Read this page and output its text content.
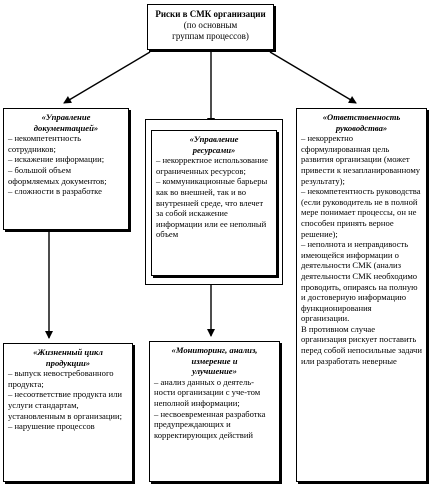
Риски в СМК организации
(по основным
группам процессов)
«Управление
документацией»
– некомпетентность сотрудников;
– искажение информации;
– большой объем оформляемых документов;
– сложности в разработке
«Управление
ресурсами»
– некорректное использование ограниченных ресурсов;
– коммуникационные барьеры как во внешней, так и во внутренней среде, что влечет за собой искажение информации или ее неполный объем
«Ответственность
руководства»
– некорректно сформулированная цель развития организации (может привести к незапланированному результату);
– некомпетентность руководства (если руководитель не в полной мере понимает процессы, он не способен принять верное решение);
– неполнота и неправдивость имеющейся информации о деятельности СМК (анализ деятельности СМК необходимо проводить, опираясь на полную и достоверную информацию функционирования организации.
В противном случае организация рискует поставить перед собой непосильные задачи или разработать неверные
«Жизненный цикл
продукции»
– выпуск невостребованного продукта;
– несоответствие продукта или услуги стандартам, установленным в организации;
– нарушение процессов
«Мониторинг, анализ,
измерение и
улучшение»
– анализ данных о деятель-ности организации с уче-том неполной информации;
– несвоевременная разработка предупреждающих и корректирующих действий
